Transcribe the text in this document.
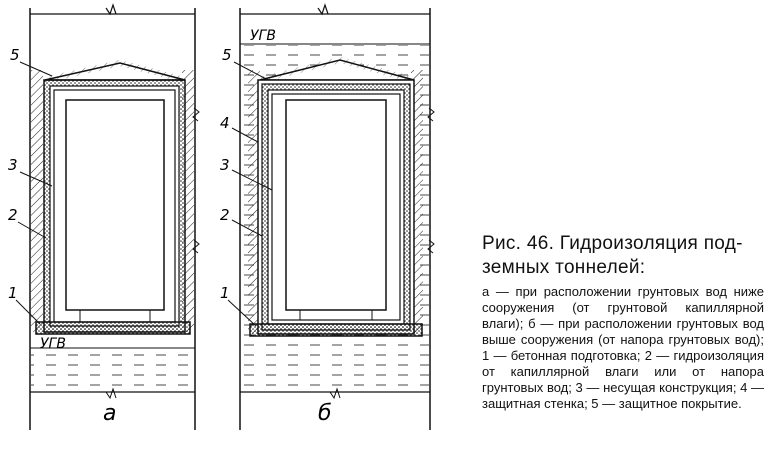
5
3
2
1
УГВ
а
5
4
3
2
1
УГВ
б
Рис. 46. Гидроизоляция под-земных тоннелей:

а — при расположении грунтовых вод ниже сооружения (от грунтовой капиллярной влаги); б — при расположении грунтовых вод выше сооружения (от напора грунтовых вод); 1 — бетонная подготовка; 2 — гидроизоляция от капиллярной влаги или от напора грунтовых вод; 3 — несущая конструкция; 4 — защитная стенка; 5 — защитное покрытие.
